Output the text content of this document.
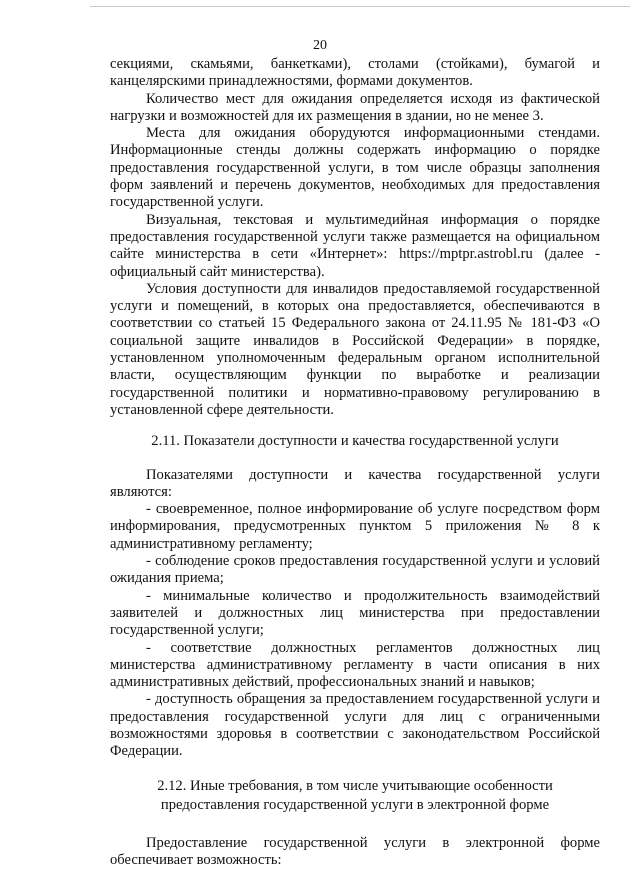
20

секциями, скамьями, банкетками), столами (стойками), бумагой и канцелярскими принадлежностями, формами документов.

Количество мест для ожидания определяется исходя из фактической нагрузки и возможностей для их размещения в здании, но не менее 3.

Места для ожидания оборудуются информационными стендами. Информационные стенды должны содержать информацию о порядке предоставления государственной услуги, в том числе образцы заполнения форм заявлений и перечень документов, необходимых для предоставления государственной услуги.

Визуальная, текстовая и мультимедийная информация о порядке предоставления государственной услуги также размещается на официальном сайте министерства в сети «Интернет»: https://mptpr.astrobl.ru (далее - официальный сайт министерства).

Условия доступности для инвалидов предоставляемой государственной услуги и помещений, в которых она предоставляется, обеспечиваются в соответствии со статьей 15 Федерального закона от 24.11.95 № 181-ФЗ «О социальной защите инвалидов в Российской Федерации» в порядке, установленном уполномоченным федеральным органом исполнительной власти, осуществляющим функции по выработке и реализации государственной политики и нормативно-правовому регулированию в установленной сфере деятельности.

2.11. Показатели доступности и качества государственной услуги

Показателями доступности и качества государственной услуги являются:

- своевременное, полное информирование об услуге посредством форм информирования, предусмотренных пунктом 5 приложения № 8 к административному регламенту;

- соблюдение сроков предоставления государственной услуги и условий ожидания приема;

- минимальные количество и продолжительность взаимодействий заявителей и должностных лиц министерства при предоставлении государственной услуги;

- соответствие должностных регламентов должностных лиц министерства административному регламенту в части описания в них административных действий, профессиональных знаний и навыков;

- доступность обращения за предоставлением государственной услуги и предоставления государственной услуги для лиц с ограниченными возможностями здоровья в соответствии с законодательством Российской Федерации.

2.12. Иные требования, в том числе учитывающие особенности
предоставления государственной услуги в электронной форме

Предоставление государственной услуги в электронной форме обеспечивает возможность:
